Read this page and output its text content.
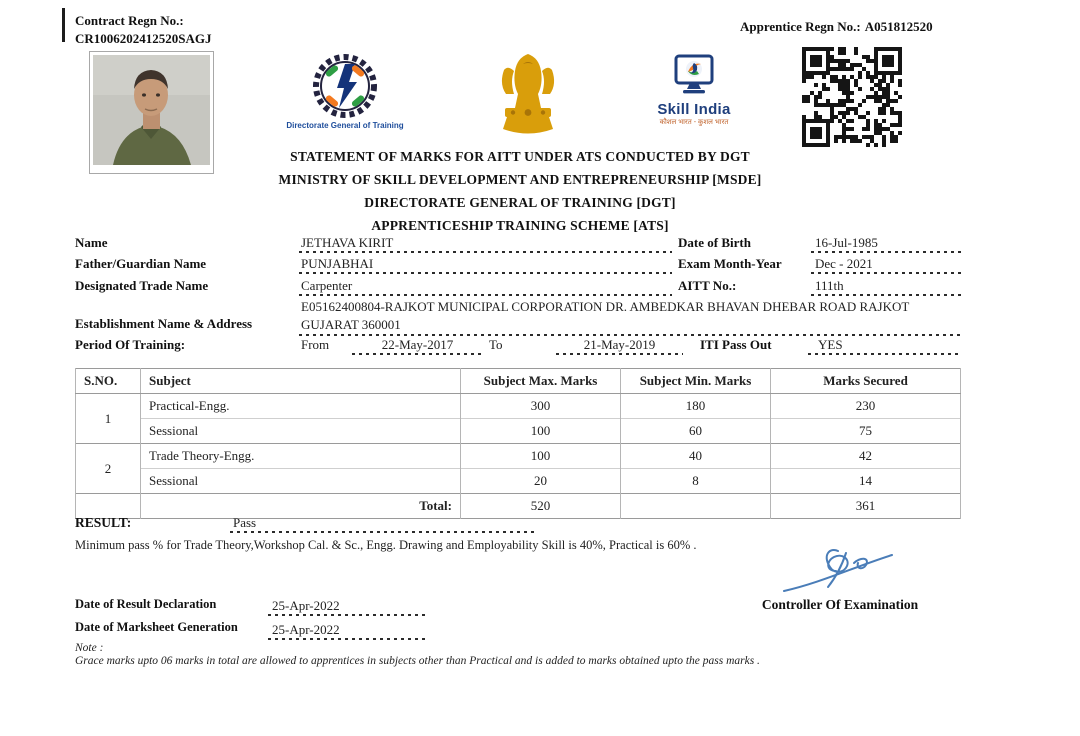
Contract Regn No.:
CR1006202412520SAGJ
Apprentice Regn No.: A051812520
Directorate General of Training
Skill India
कौशल भारत - कुशल भारत
STATEMENT OF MARKS FOR AITT UNDER ATS CONDUCTED BY DGT
MINISTRY OF SKILL DEVELOPMENT AND ENTREPRENEURSHIP [MSDE]
DIRECTORATE GENERAL OF TRAINING [DGT]
APPRENTICESHIP TRAINING SCHEME [ATS]
Name	JETHAVA KIRIT	Date of Birth	16-Jul-1985
Father/Guardian Name	PUNJABHAI	Exam Month-Year	Dec - 2021
Designated Trade Name	Carpenter	AITT No.:	111th
Establishment Name & Address
E05162400804-RAJKOT MUNICIPAL CORPORATION DR. AMBEDKAR BHAVAN DHEBAR ROAD RAJKOT
GUJARAT 360001
Period Of Training:	From	22-May-2017	To	21-May-2019	ITI Pass Out	YES
S.NO.	Subject	Subject Max. Marks	Subject Min. Marks	Marks Secured
1	Practical-Engg.	300	180	230
	Sessional	100	60	75
2	Trade Theory-Engg.	100	40	42
	Sessional	20	8	14
	Total:	520		361
RESULT:	Pass
Minimum pass % for Trade Theory,Workshop Cal. & Sc., Engg. Drawing and Employability Skill is 40%, Practical is 60% .
Controller Of Examination
Date of Result Declaration	25-Apr-2022
Date of Marksheet Generation	25-Apr-2022
Note :
Grace marks upto 06 marks in total are allowed to apprentices in subjects other than Practical and is added to marks obtained upto the pass marks .
